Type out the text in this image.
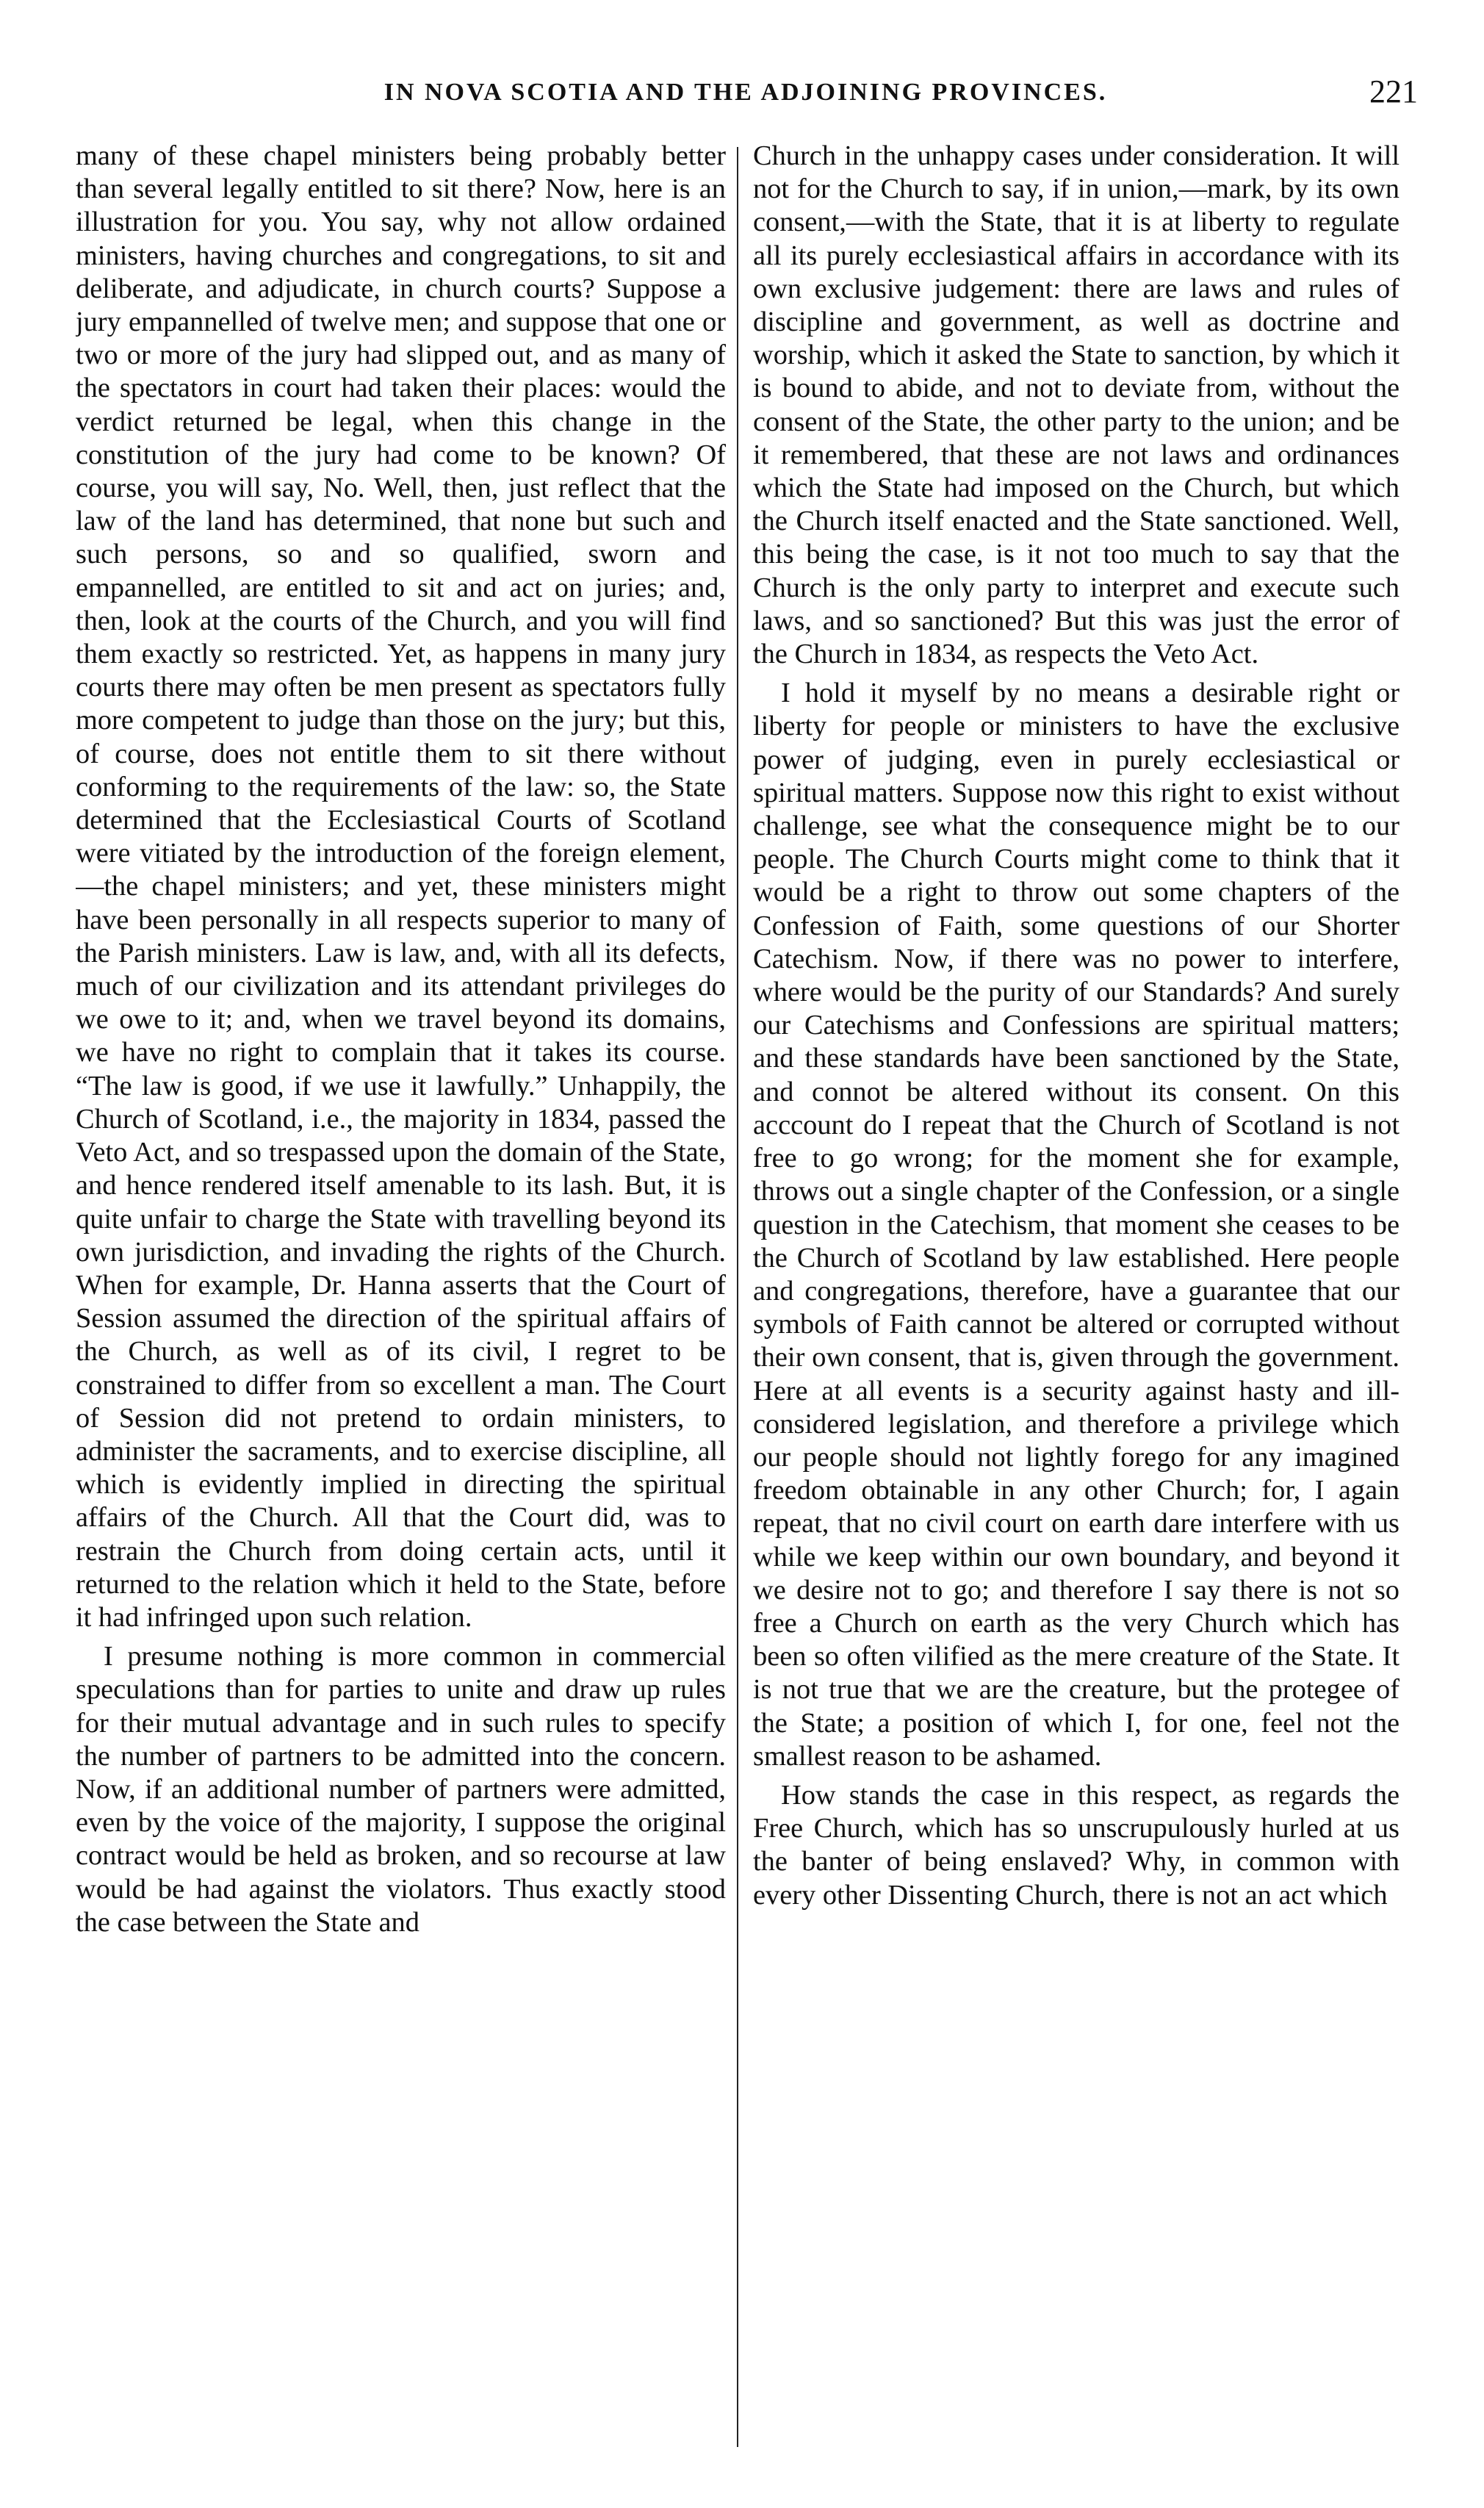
IN NOVA SCOTIA AND THE ADJOINING PROVINCES.	221

many of these chapel ministers being probably better than several legally entitled to sit there? Now, here is an illustration for you. You say, why not allow ordained ministers, having churches and congregations, to sit and deliberate, and adjudicate, in church courts? Suppose a jury empannelled of twelve men; and suppose that one or two or more of the jury had slipped out, and as many of the spectators in court had taken their places: would the verdict returned be legal, when this change in the constitution of the jury had come to be known? Of course, you will say, No. Well, then, just reflect that the law of the land has determined, that none but such and such persons, so and so qualified, sworn and empannelled, are entitled to sit and act on juries; and, then, look at the courts of the Church, and you will find them exactly so restricted. Yet, as happens in many jury courts there may often be men present as spectators fully more competent to judge than those on the jury; but this, of course, does not entitle them to sit there without conforming to the requirements of the law: so, the State determined that the Ecclesiastical Courts of Scotland were vitiated by the introduction of the foreign element,—the chapel ministers; and yet, these ministers might have been personally in all respects superior to many of the Parish ministers. Law is law, and, with all its defects, much of our civilization and its attendant privileges do we owe to it; and, when we travel beyond its domains, we have no right to complain that it takes its course. “The law is good, if we use it lawfully.” Unhappily, the Church of Scotland, i.e., the majority in 1834, passed the Veto Act, and so trespassed upon the domain of the State, and hence rendered itself amenable to its lash. But, it is quite unfair to charge the State with travelling beyond its own jurisdiction, and invading the rights of the Church. When for example, Dr. Hanna asserts that the Court of Session assumed the direction of the spiritual affairs of the Church, as well as of its civil, I regret to be constrained to differ from so excellent a man. The Court of Session did not pretend to ordain ministers, to administer the sacraments, and to exercise discipline, all which is evidently implied in directing the spiritual affairs of the Church. All that the Court did, was to restrain the Church from doing certain acts, until it returned to the relation which it held to the State, before it had infringed upon such relation.

I presume nothing is more common in commercial speculations than for parties to unite and draw up rules for their mutual advantage and in such rules to specify the number of partners to be admitted into the concern. Now, if an additional number of partners were admitted, even by the voice of the majority, I suppose the original contract would be held as broken, and so recourse at law would be had against the violators. Thus exactly stood the case between the State and

Church in the unhappy cases under consideration. It will not for the Church to say, if in union,—mark, by its own consent,—with the State, that it is at liberty to regulate all its purely ecclesiastical affairs in accordance with its own exclusive judgement: there are laws and rules of discipline and government, as well as doctrine and worship, which it asked the State to sanction, by which it is bound to abide, and not to deviate from, without the consent of the State, the other party to the union; and be it remembered, that these are not laws and ordinances which the State had imposed on the Church, but which the Church itself enacted and the State sanctioned. Well, this being the case, is it not too much to say that the Church is the only party to interpret and execute such laws, and so sanctioned? But this was just the error of the Church in 1834, as respects the Veto Act.

I hold it myself by no means a desirable right or liberty for people or ministers to have the exclusive power of judging, even in purely ecclesiastical or spiritual matters. Suppose now this right to exist without challenge, see what the consequence might be to our people. The Church Courts might come to think that it would be a right to throw out some chapters of the Confession of Faith, some questions of our Shorter Catechism. Now, if there was no power to interfere, where would be the purity of our Standards? And surely our Catechisms and Confessions are spiritual matters; and these standards have been sanctioned by the State, and connot be altered without its consent. On this acccount do I repeat that the Church of Scotland is not free to go wrong; for the moment she for example, throws out a single chapter of the Confession, or a single question in the Catechism, that moment she ceases to be the Church of Scotland by law established. Here people and congregations, therefore, have a guarantee that our symbols of Faith cannot be altered or corrupted without their own consent, that is, given through the government. Here at all events is a security against hasty and ill-considered legislation, and therefore a privilege which our people should not lightly forego for any imagined freedom obtainable in any other Church; for, I again repeat, that no civil court on earth dare interfere with us while we keep within our own boundary, and beyond it we desire not to go; and therefore I say there is not so free a Church on earth as the very Church which has been so often vilified as the mere creature of the State. It is not true that we are the creature, but the protegee of the State; a position of which I, for one, feel not the smallest reason to be ashamed.

How stands the case in this respect, as regards the Free Church, which has so unscrupulously hurled at us the banter of being enslaved? Why, in common with every other Dissenting Church, there is not an act which
